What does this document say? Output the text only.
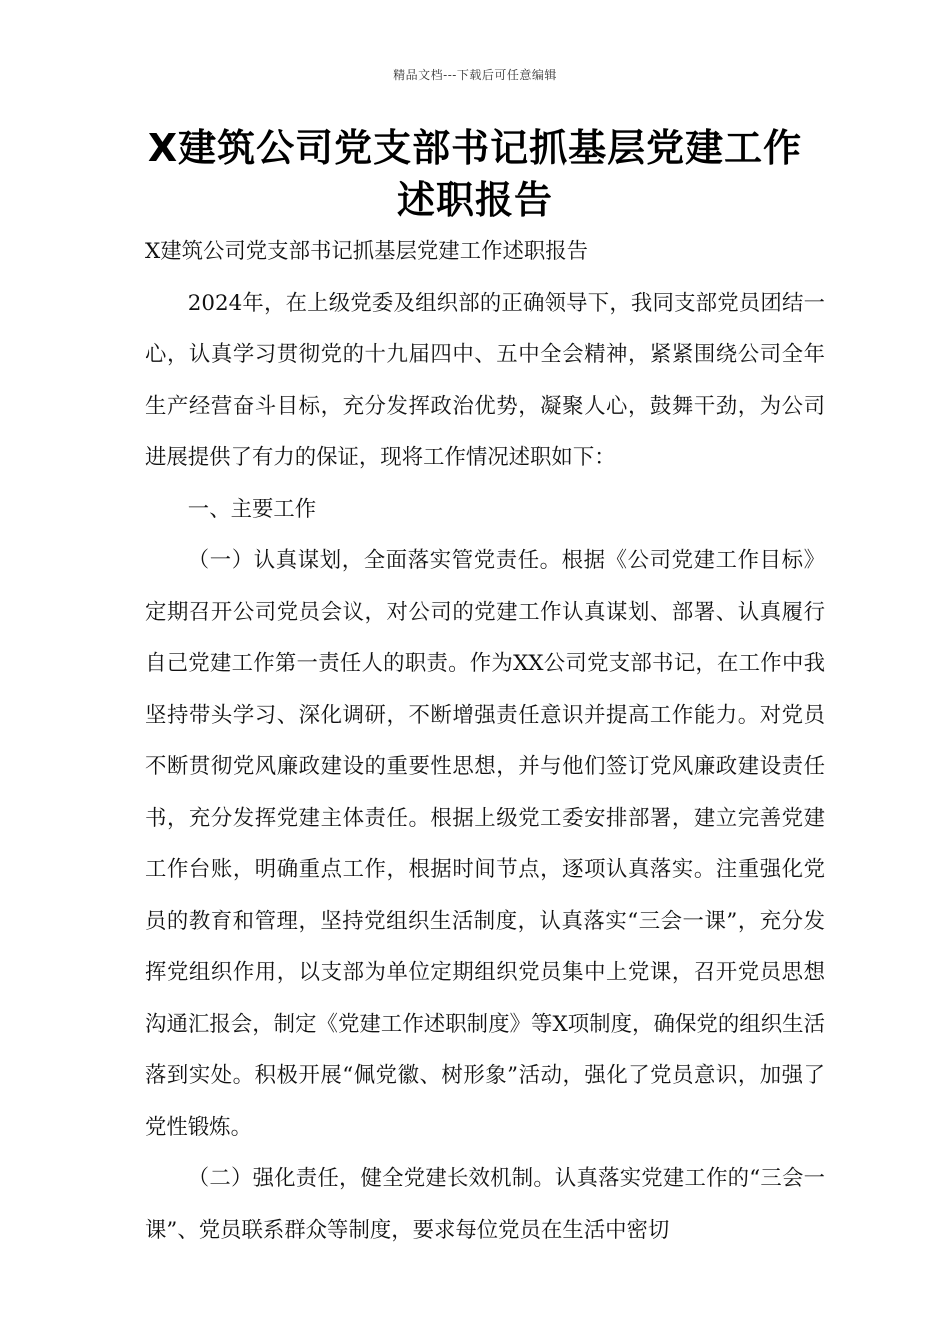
精品文档---下载后可任意编辑
X建筑公司党支部书记抓基层党建工作
述职报告

X建筑公司党支部书记抓基层党建工作述职报告

2024年，在上级党委及组织部的正确领导下，我同支部党员团结一心，认真学习贯彻党的十九届四中、五中全会精神，紧紧围绕公司全年生产经营奋斗目标，充分发挥政治优势，凝聚人心，鼓舞干劲，为公司进展提供了有力的保证，现将工作情况述职如下：

一、主要工作

（一）认真谋划，全面落实管党责任。根据《公司党建工作目标》定期召开公司党员会议，对公司的党建工作认真谋划、部署、认真履行自己党建工作第一责任人的职责。作为XX公司党支部书记，在工作中我坚持带头学习、深化调研，不断增强责任意识并提高工作能力。对党员不断贯彻党风廉政建设的重要性思想，并与他们签订党风廉政建设责任书，充分发挥党建主体责任。根据上级党工委安排部署，建立完善党建工作台账，明确重点工作，根据时间节点，逐项认真落实。注重强化党员的教育和管理，坚持党组织生活制度，认真落实“三会一课”，充分发挥党组织作用，以支部为单位定期组织党员集中上党课，召开党员思想沟通汇报会，制定《党建工作述职制度》等X项制度，确保党的组织生活落到实处。积极开展“佩党徽、树形象”活动，强化了党员意识，加强了党性锻炼。

（二）强化责任，健全党建长效机制。认真落实党建工作的“三会一课”、党员联系群众等制度，要求每位党员在生活中密切
